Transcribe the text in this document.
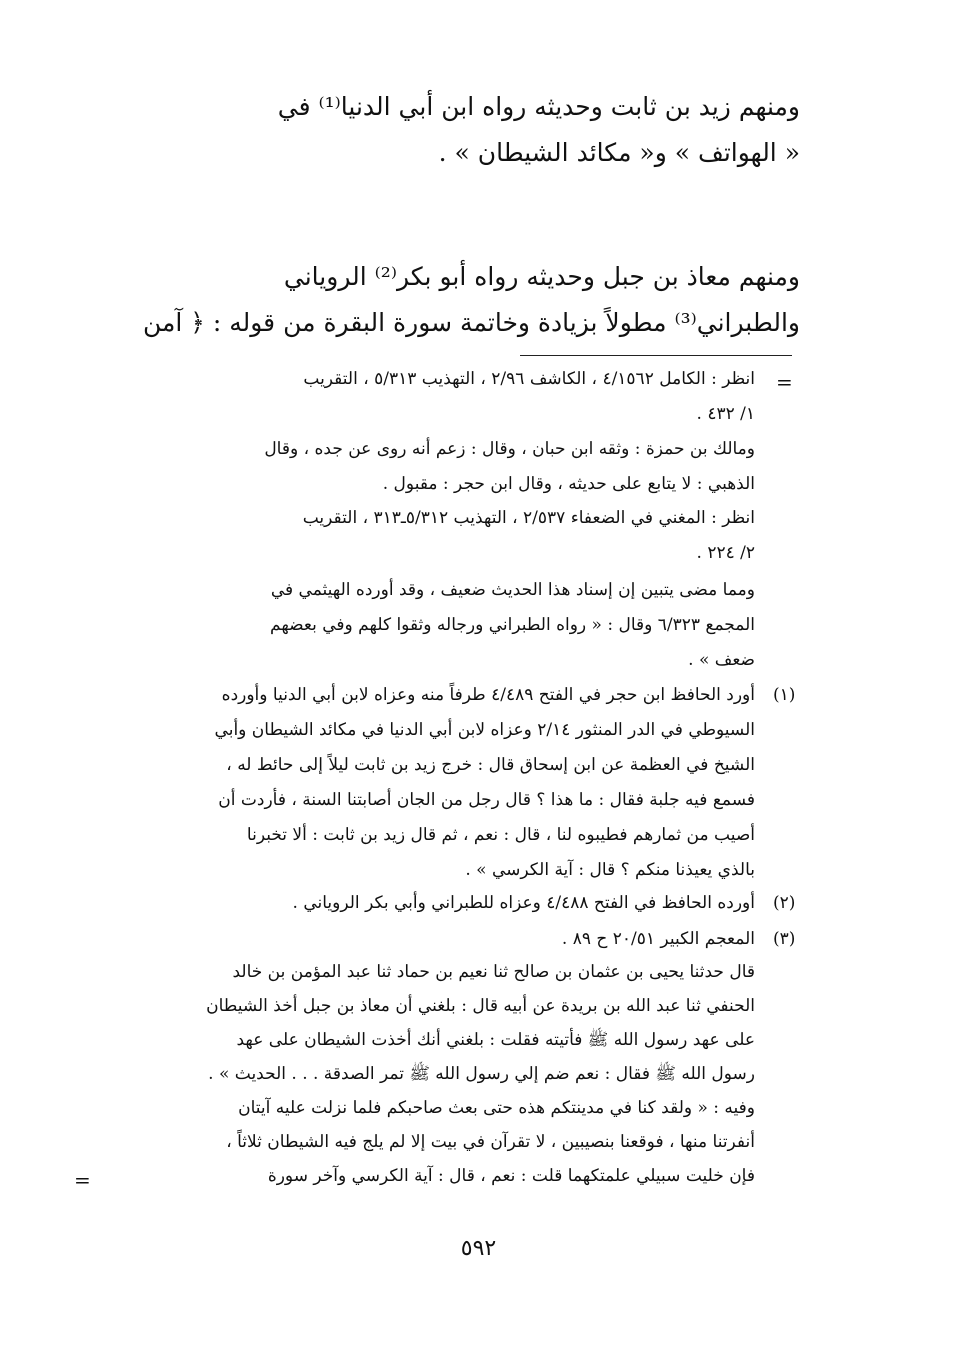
ومنهم زيد بن ثابت وحديثه رواه ابن أبي الدنيا⁽¹⁾ في
« الهواتف » و« مكائد الشيطان » .
ومنهم معاذ بن جبل وحديثه رواه أبو بكر⁽²⁾ الروياني
والطبراني⁽³⁾ مطولاً بزيادة وخاتمة سورة البقرة من قوله : ﴿ آمن
=
انظر : الكامل ٤/١٥٦٢ ، الكاشف ٢/٩٦ ، التهذيب ٥/٣١٣ ، التقريب
١/ ٤٣٢ .
ومالك بن حمزة : وثقه ابن حبان ، وقال : زعم أنه روى عن جده ، وقال
الذهبي : لا يتابع على حديثه ، وقال ابن حجر : مقبول .
انظر : المغني في الضعفاء ٢/٥٣٧ ، التهذيب ٥/٣١٢ـ٣١٣ ، التقريب
٢/ ٢٢٤ .
ومما مضى يتبين إن إسناد هذا الحديث ضعيف ، وقد أورده الهيثمي في
المجمع ٦/٣٢٣ وقال : « رواه الطبراني ورجاله وثقوا كلهم وفي بعضهم
ضعف » .
(١)
أورد الحافظ ابن حجر في الفتح ٤/٤٨٩ طرفاً منه وعزاه لابن أبي الدنيا وأورده
السيوطي في الدر المنثور ٢/١٤ وعزاه لابن أبي الدنيا في مكائد الشيطان وأبي
الشيخ في العظمة عن ابن إسحاق قال : خرج زيد بن ثابت ليلاً إلى حائط له ،
فسمع فيه جلبة فقال : ما هذا ؟ قال رجل من الجان أصابتنا السنة ، فأردت أن
أصيب من ثمارهم فطيبوه لنا ، قال : نعم ، ثم قال زيد بن ثابت : ألا تخبرنا
بالذي يعيذنا منكم ؟ قال : آية الكرسي » .
(٢)
أورده الحافظ في الفتح ٤/٤٨٨ وعزاه للطبراني وأبي بكر الروياني .
(٣)
المعجم الكبير ٢٠/٥١ ح ٨٩ .
قال حدثنا يحيى بن عثمان بن صالح ثنا نعيم بن حماد ثنا عبد المؤمن بن خالد
الحنفي ثنا عبد الله بن بريدة عن أبيه قال : بلغني أن معاذ بن جبل أخذ الشيطان
على عهد رسول الله ﷺ فأتيته فقلت : بلغني أنك أخذت الشيطان على عهد
رسول الله ﷺ فقال : نعم ضم إلي رسول الله ﷺ تمر الصدقة . . . الحديث » .
وفيه : « ولقد كنا في مدينتكم هذه حتى بعث صاحبكم فلما نزلت عليه آيتان
أنفرتنا منها ، فوقعنا بنصيبين ، لا تقرآن في بيت إلا لم يلج فيه الشيطان ثلاثاً ،
فإن خليت سبيلي علمتكهما قلت : نعم ، قال : آية الكرسي وآخر سورة
=
٥٩٢
